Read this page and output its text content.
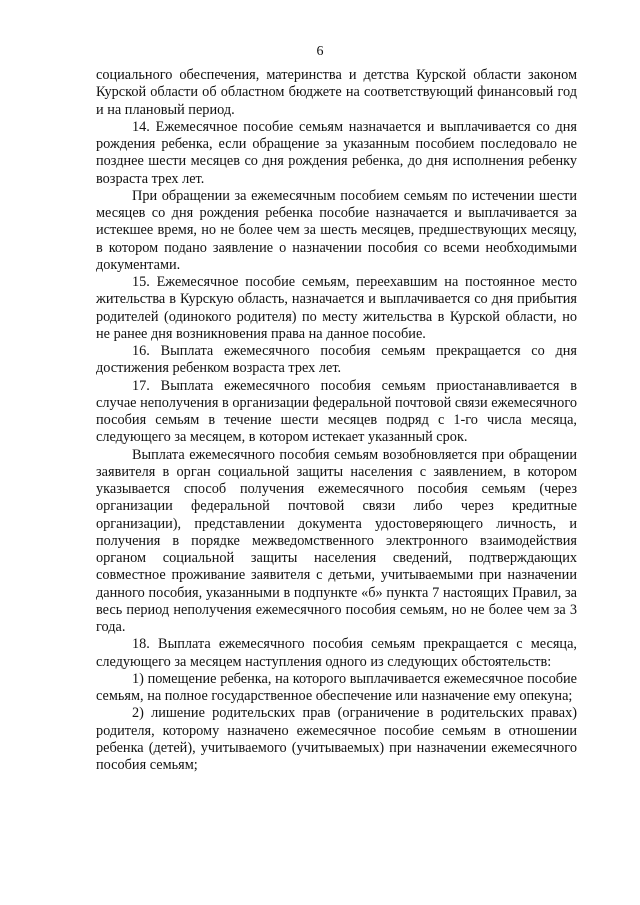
6

социального обеспечения, материнства и детства Курской области законом Курской области об областном бюджете на соответствующий финансовый год и на плановый период.

14. Ежемесячное пособие семьям назначается и выплачивается со дня рождения ребенка, если обращение за указанным пособием последовало не позднее шести месяцев со дня рождения ребенка, до дня исполнения ребенку возраста трех лет.

При обращении за ежемесячным пособием семьям по истечении шести месяцев со дня рождения ребенка пособие назначается и выплачивается за истекшее время, но не более чем за шесть месяцев, предшествующих месяцу, в котором подано заявление о назначении пособия со всеми необходимыми документами.

15. Ежемесячное пособие семьям, переехавшим на постоянное место жительства в Курскую область, назначается и выплачивается со дня прибытия родителей (одинокого родителя) по месту жительства в Курской области, но не ранее дня возникновения права на данное пособие.

16. Выплата ежемесячного пособия семьям прекращается со дня достижения ребенком возраста трех лет.

17. Выплата ежемесячного пособия семьям приостанавливается в случае неполучения в организации федеральной почтовой связи ежемесячного пособия семьям в течение шести месяцев подряд с 1-го числа месяца, следующего за месяцем, в котором истекает указанный срок.

Выплата ежемесячного пособия семьям возобновляется при обращении заявителя в орган социальной защиты населения с заявлением, в котором указывается способ получения ежемесячного пособия семьям (через организации федеральной почтовой связи либо через кредитные организации), представлении документа удостоверяющего личность, и получения в порядке межведомственного электронного взаимодействия органом социальной защиты населения сведений, подтверждающих совместное проживание заявителя с детьми, учитываемыми при назначении данного пособия, указанными в подпункте «б» пункта 7 настоящих Правил, за весь период неполучения ежемесячного пособия семьям, но не более чем за 3 года.

18. Выплата ежемесячного пособия семьям прекращается с месяца, следующего за месяцем наступления одного из следующих обстоятельств:

1) помещение ребенка, на которого выплачивается ежемесячное пособие семьям, на полное государственное обеспечение или назначение ему опекуна;

2) лишение родительских прав (ограничение в родительских правах) родителя, которому назначено ежемесячное пособие семьям в отношении ребенка (детей), учитываемого (учитываемых) при назначении ежемесячного пособия семьям;
